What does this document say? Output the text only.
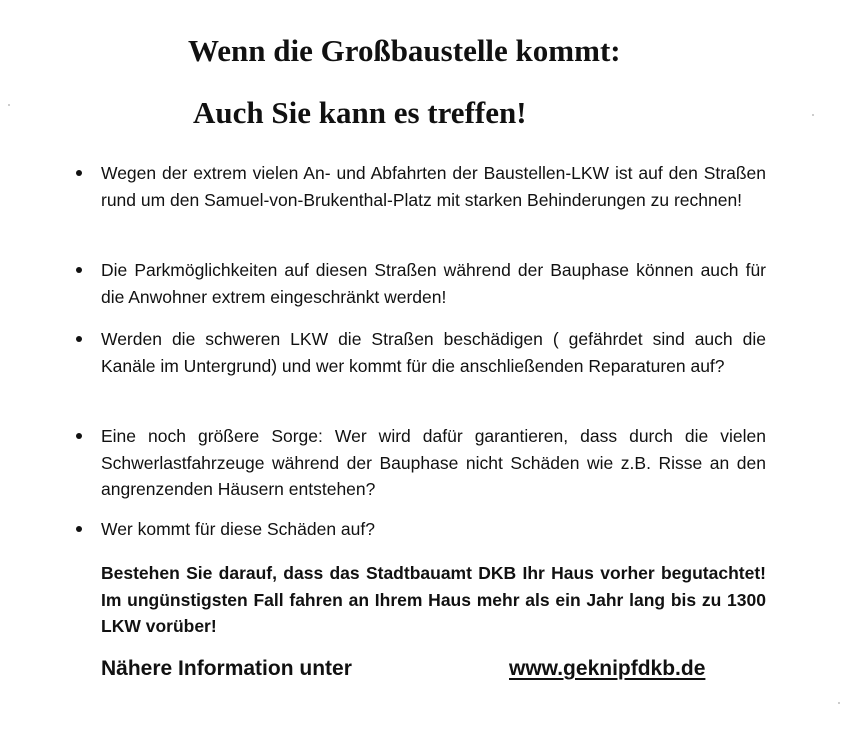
Wenn die Großbaustelle kommt:
Auch Sie kann es treffen!

Wegen der extrem vielen An- und Abfahrten der Baustellen-LKW ist auf den Straßen rund um den Samuel-von-Brukenthal-Platz mit starken Behinderungen zu rechnen!

Die Parkmöglichkeiten auf diesen Straßen während der Bauphase können auch für die Anwohner extrem eingeschränkt werden!

Werden die schweren LKW die Straßen beschädigen ( gefährdet sind auch die Kanäle im Untergrund) und wer kommt für die anschließenden Reparaturen auf?

Eine noch größere Sorge: Wer wird dafür garantieren, dass durch die vielen Schwerlastfahrzeuge während der Bauphase nicht Schäden wie z.B. Risse an den angrenzenden Häusern entstehen?

Wer kommt für diese Schäden auf?

Bestehen Sie darauf, dass das Stadtbauamt DKB Ihr Haus vorher begutachtet! Im ungünstigsten Fall fahren an Ihrem Haus mehr als ein Jahr lang bis zu 1300 LKW vorüber!

Nähere Information unter	www.geknipfdkb.de
